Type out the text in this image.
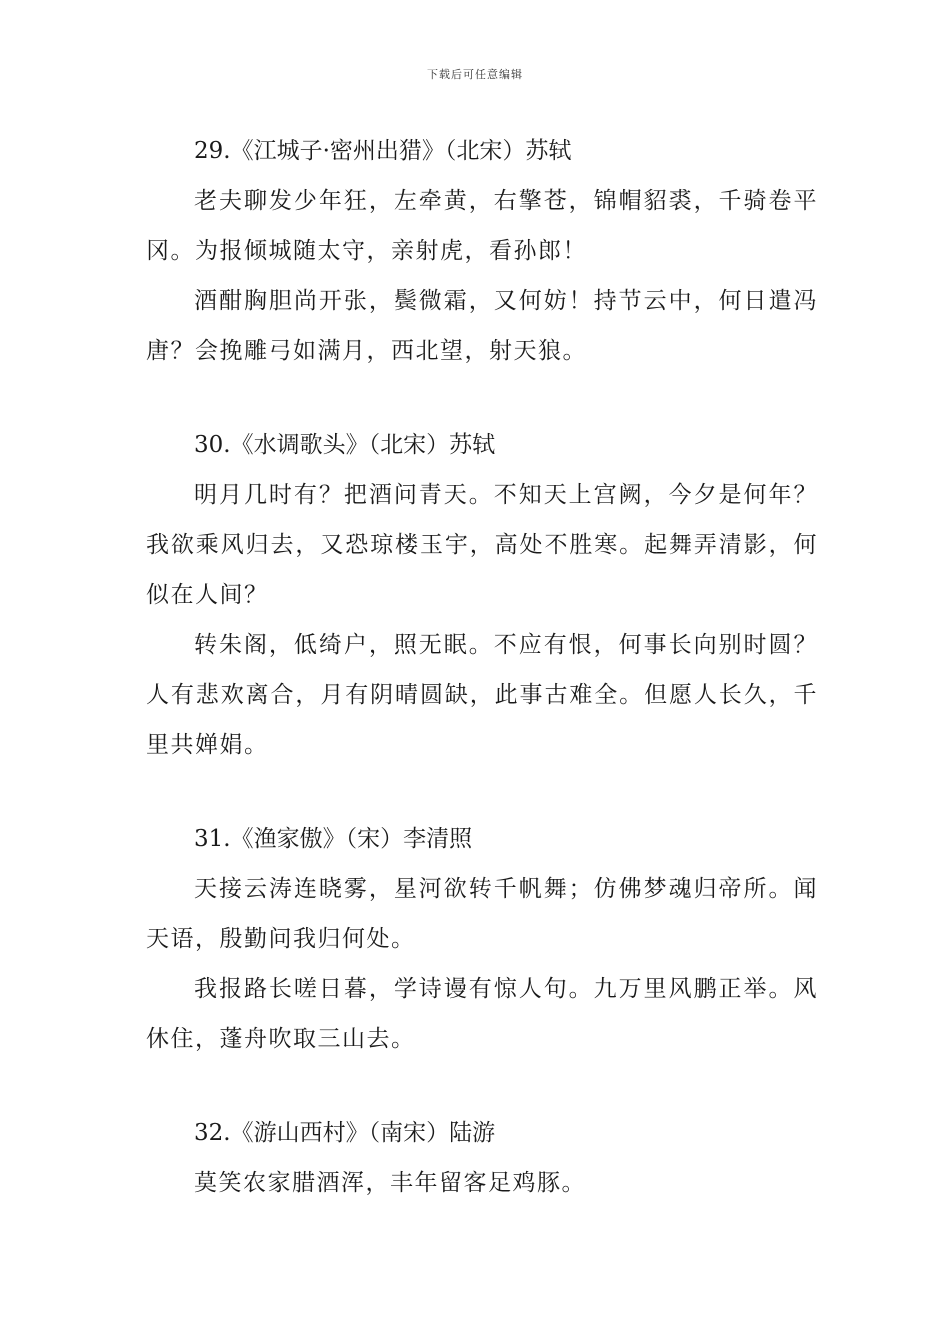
下载后可任意编辑

29.《江城子·密州出猎》（北宋）苏轼

老夫聊发少年狂，左牵黄，右擎苍，锦帽貂裘，千骑卷平冈。为报倾城随太守，亲射虎，看孙郎！

酒酣胸胆尚开张，鬓微霜，又何妨！持节云中，何日遣冯唐？会挽雕弓如满月，西北望，射天狼。

30.《水调歌头》（北宋）苏轼

明月几时有？把酒问青天。不知天上宫阙，今夕是何年？我欲乘风归去，又恐琼楼玉宇，高处不胜寒。起舞弄清影，何似在人间？

转朱阁，低绮户，照无眠。不应有恨，何事长向别时圆？人有悲欢离合，月有阴晴圆缺，此事古难全。但愿人长久，千里共婵娟。

31.《渔家傲》（宋）李清照

天接云涛连晓雾，星河欲转千帆舞；仿佛梦魂归帝所。闻天语，殷勤问我归何处。

我报路长嗟日暮，学诗谩有惊人句。九万里风鹏正举。风休住，蓬舟吹取三山去。

32.《游山西村》（南宋）陆游

莫笑农家腊酒浑，丰年留客足鸡豚。
